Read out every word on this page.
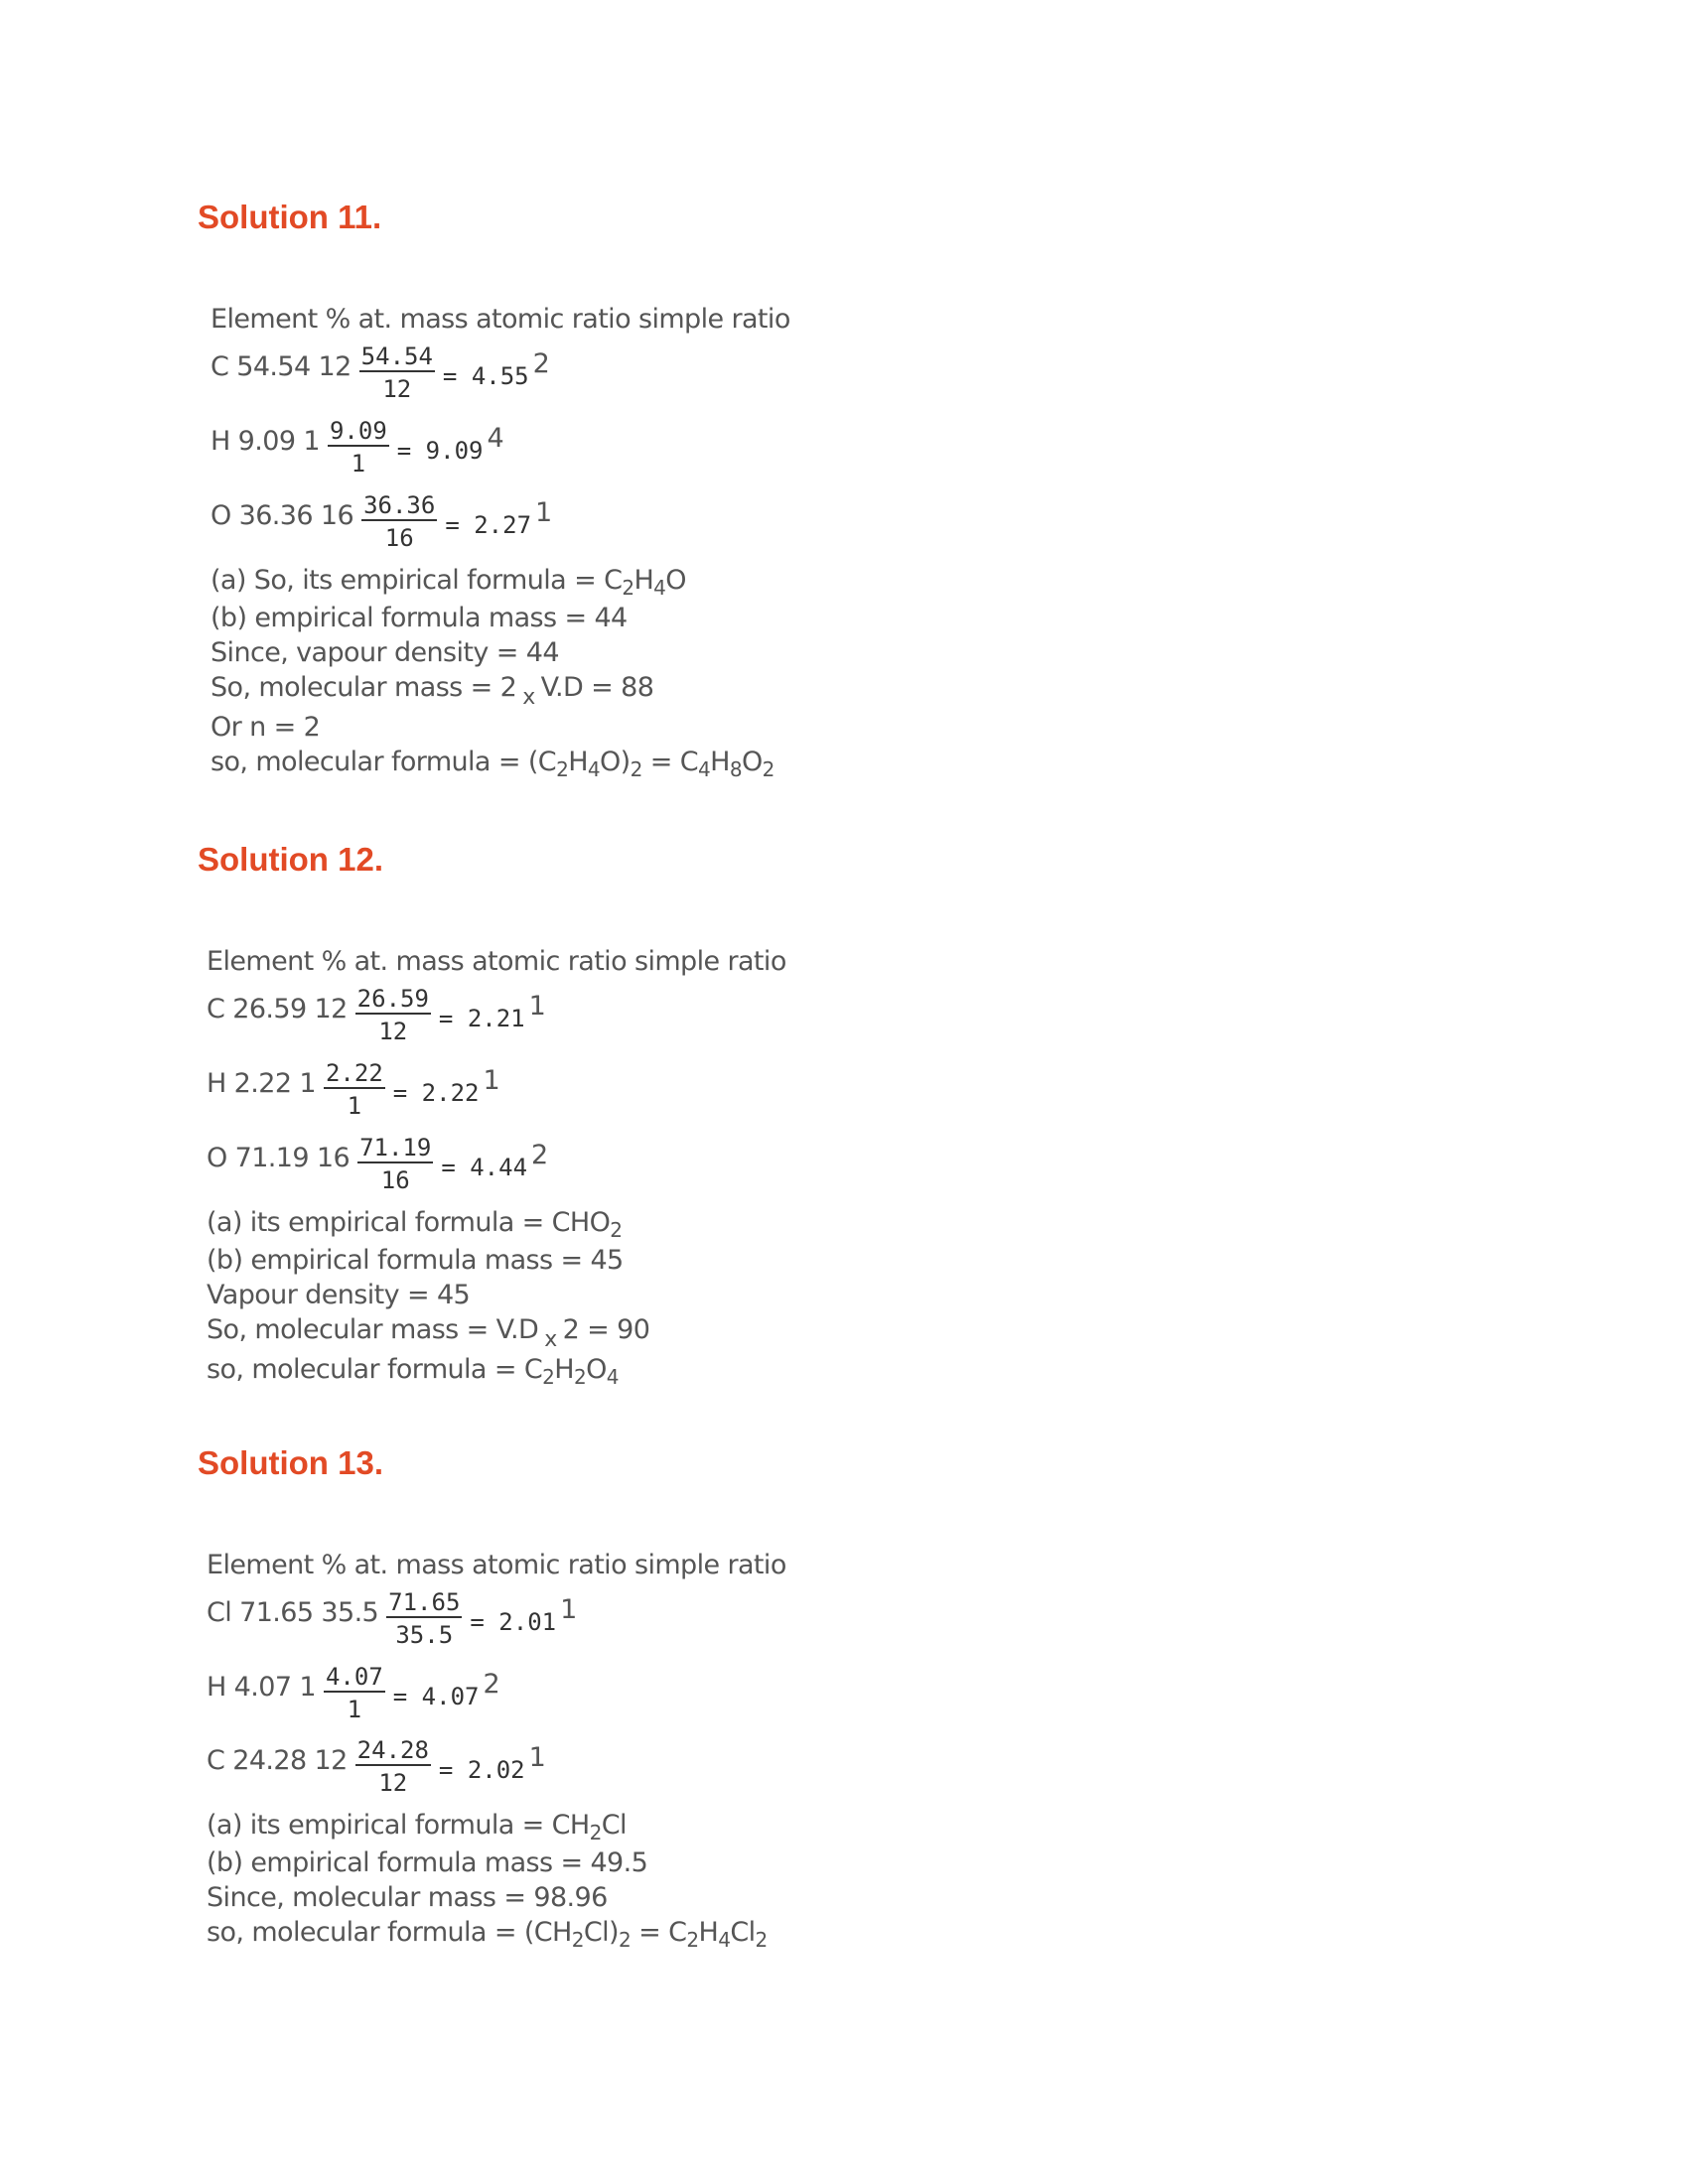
Solution 11.
Element % at. mass atomic ratio simple ratio
C 54.54 $12 \frac{54.54}{12} = 4.55$ 2
H 9.09 $1 \frac{9.09}{1} = 9.09$ 4
O 36.36 $16 \frac{36.36}{16} = 2.27$ 1
(a) So, its empirical formula = $C_2H_4O$
(b) empirical formula mass = 44
Since, vapour density = 44
So, molecular mass = 2 $_x$ V.D = 88
Or n = 2
so, molecular formula = $(C_2H_4O)_2 = C_4H_8O_2$
Solution 12.
Element % at. mass atomic ratio simple ratio
C 26.59 $12 \frac{26.59}{12} = 2.21$ 1
H 2.22 $1 \frac{2.22}{1} = 2.22$ 1
O 71.19 $16 \frac{71.19}{16} = 4.44$ 2
(a) its empirical formula = $CHO_2$
(b) empirical formula mass = 45
Vapour density = 45
So, molecular mass = V.D $_x$ 2 = 90
so, molecular formula = $C_2H_2O_4$
Solution 13.
Element % at. mass atomic ratio simple ratio
Cl 71.65 $35.5 \frac{71.65}{35.5} = 2.01$ 1
H 4.07 $1 \frac{4.07}{1} = 4.07$ 2
C 24.28 $12 \frac{24.28}{12} = 2.02$ 1
(a) its empirical formula = $CH_2Cl$
(b) empirical formula mass = 49.5
Since, molecular mass = 98.96
so, molecular formula = $(CH_2Cl)_2 = C_2H_4Cl_2$
